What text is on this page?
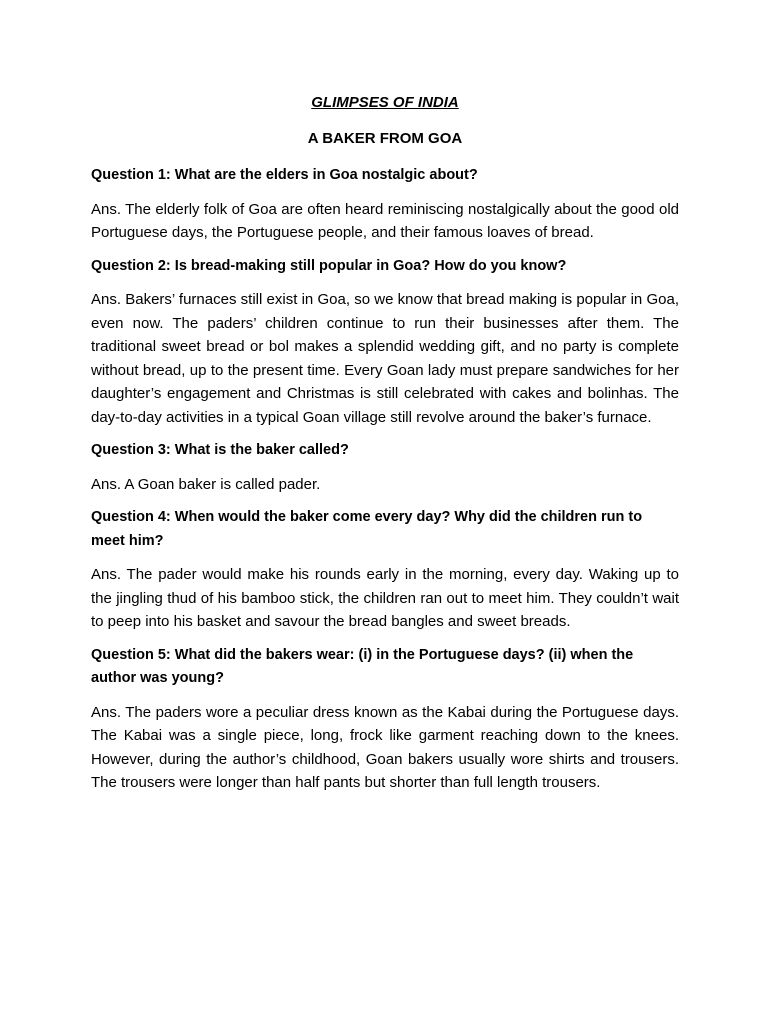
GLIMPSES OF INDIA
A BAKER FROM GOA
Question 1: What are the elders in Goa nostalgic about?
Ans. The elderly folk of Goa are often heard reminiscing nostalgically about the good old Portuguese days, the Portuguese people, and their famous loaves of bread.
Question 2: Is bread-making still popular in Goa? How do you know?
Ans. Bakers’ furnaces still exist in Goa, so we know that bread making is popular in Goa, even now. The paders’ children continue to run their businesses after them. The traditional sweet bread or bol makes a splendid wedding gift, and no party is complete without bread, up to the present time. Every Goan lady must prepare sandwiches for her daughter’s engagement and Christmas is still celebrated with cakes and bolinhas. The day-to-day activities in a typical Goan village still revolve around the baker’s furnace.
Question 3: What is the baker called?
Ans. A Goan baker is called pader.
Question 4: When would the baker come every day? Why did the children run to meet him?
Ans. The pader would make his rounds early in the morning, every day. Waking up to the jingling thud of his bamboo stick, the children ran out to meet him. They couldn’t wait to peep into his basket and savour the bread bangles and sweet breads.
Question 5: What did the bakers wear: (i) in the Portuguese days? (ii) when the author was young?
Ans. The paders wore a peculiar dress known as the Kabai during the Portuguese days. The Kabai was a single piece, long, frock like garment reaching down to the knees. However, during the author’s childhood, Goan bakers usually wore shirts and trousers. The trousers were longer than half pants but shorter than full length trousers.
